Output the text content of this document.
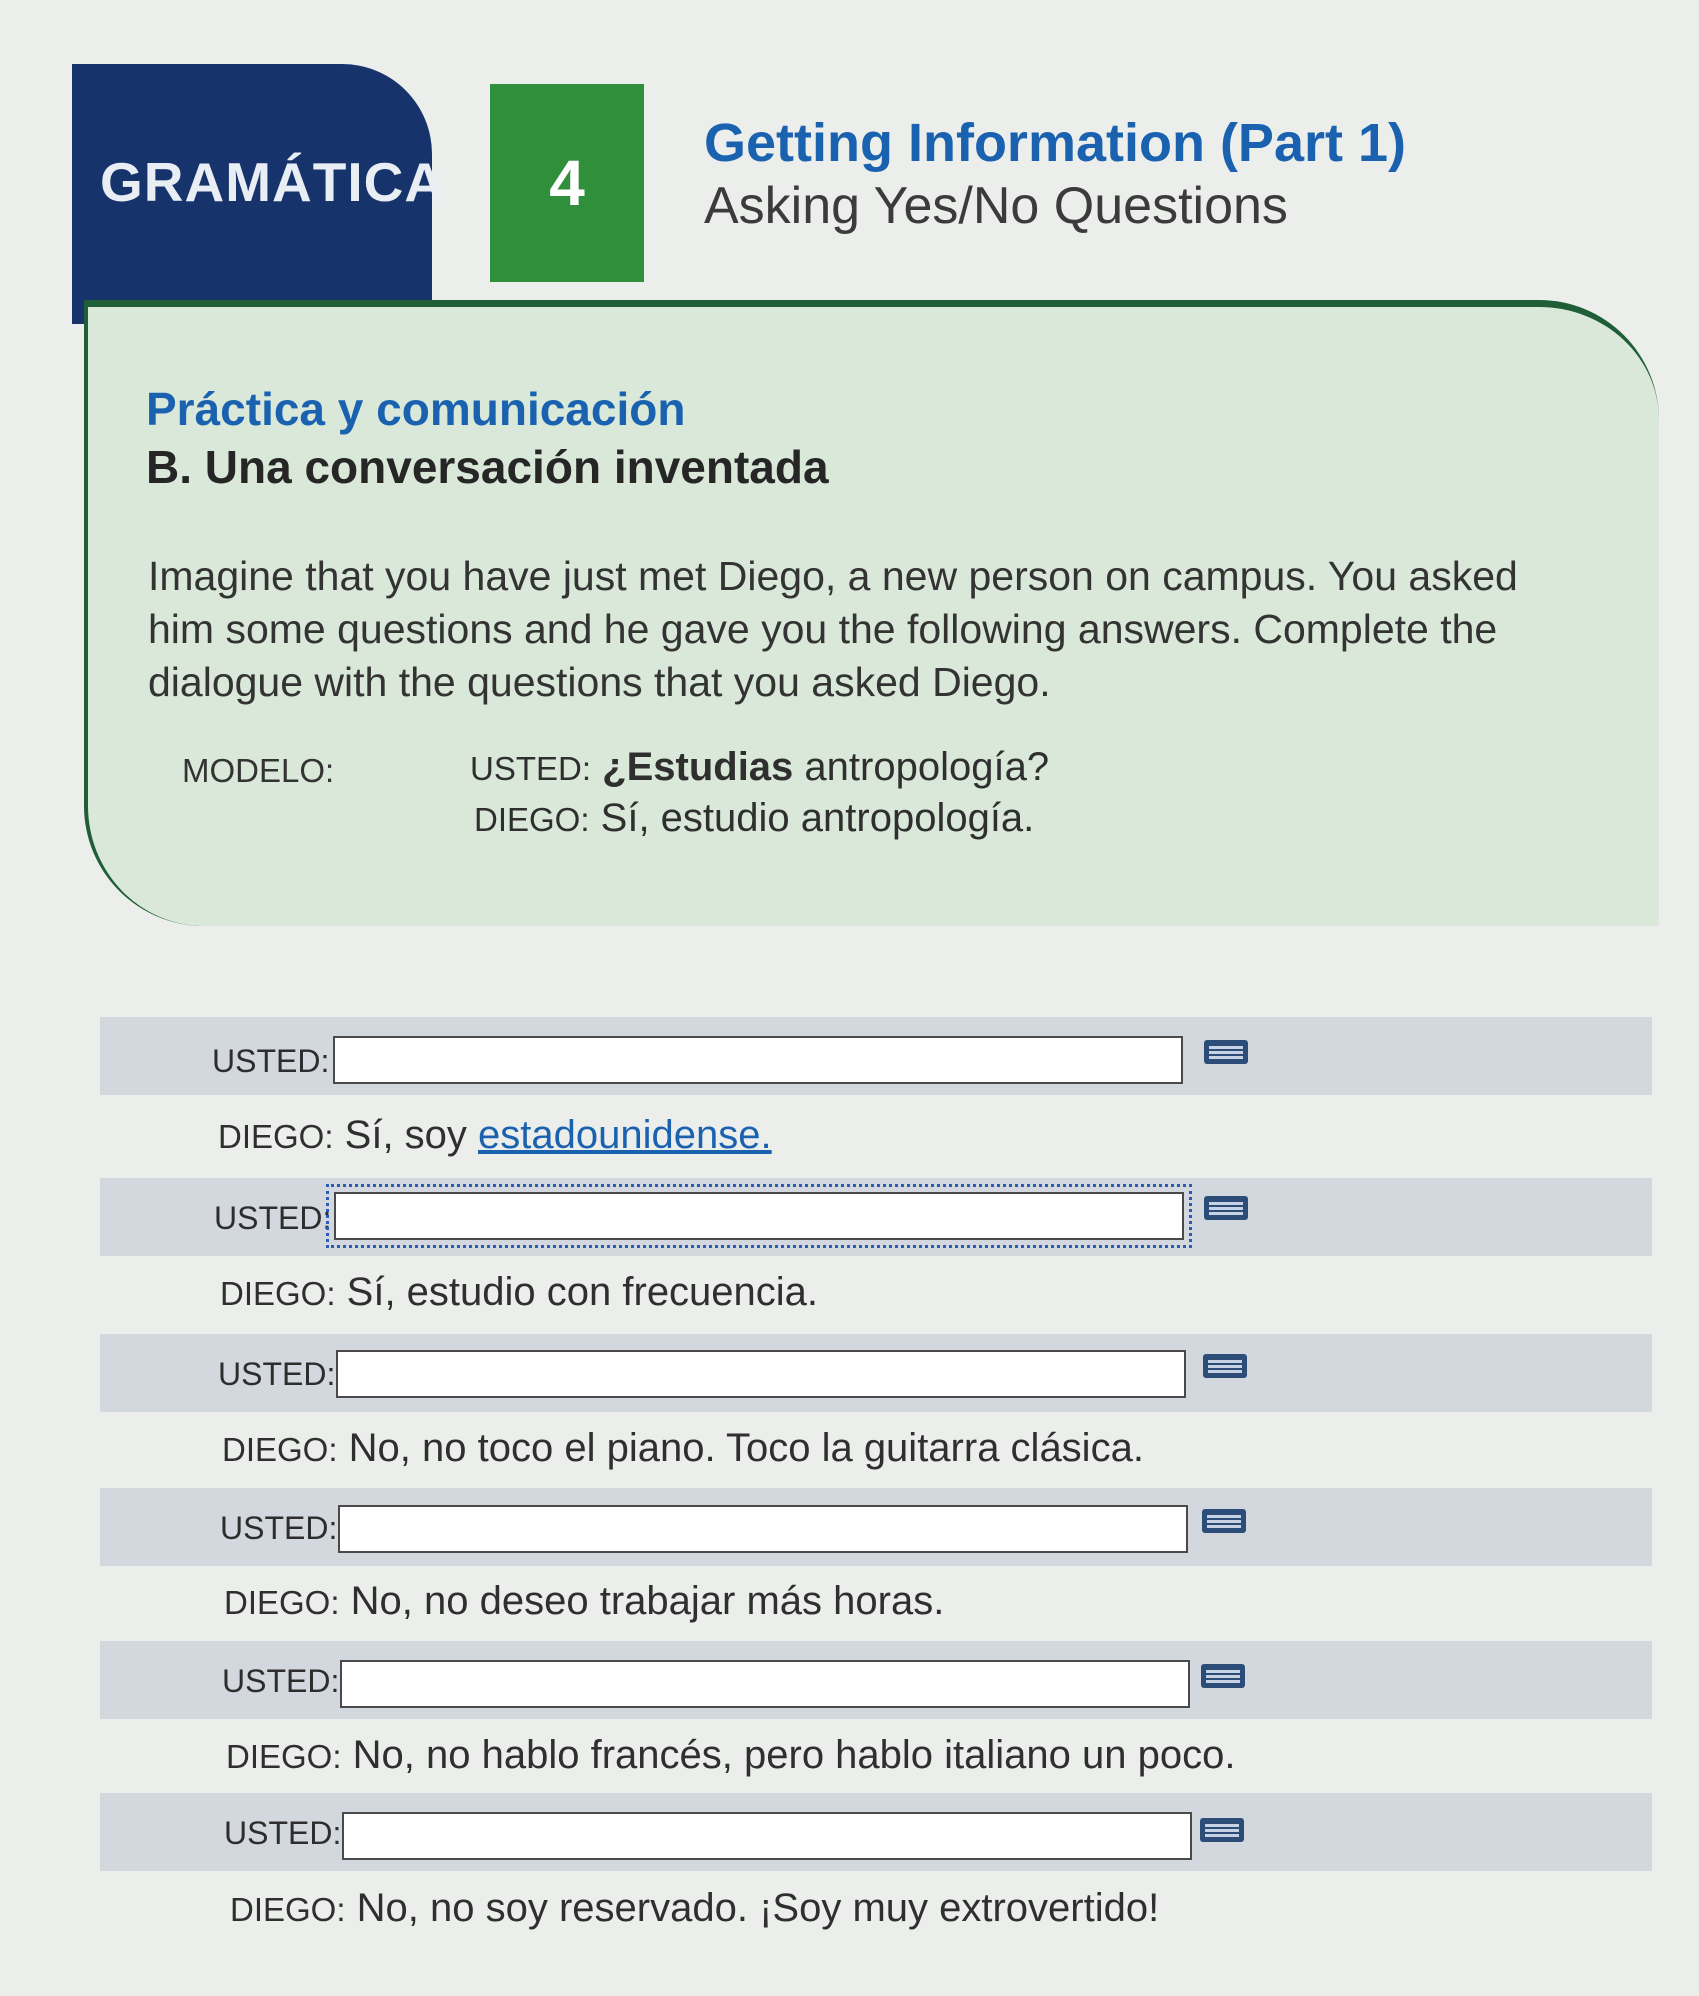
GRAMÁTICA	4
Getting Information (Part 1)
Asking Yes/No Questions
Práctica y comunicación
B. Una conversación inventada
Imagine that you have just met Diego, a new person on campus. You asked him some questions and he gave you the following answers. Complete the dialogue with the questions that you asked Diego.
MODELO:	USTED: ¿Estudias antropología?
DIEGO: Sí, estudio antropología.
USTED:
DIEGO: Sí, soy estadounidense.
USTED:
DIEGO: Sí, estudio con frecuencia.
USTED:
DIEGO: No, no toco el piano. Toco la guitarra clásica.
USTED:
DIEGO: No, no deseo trabajar más horas.
USTED:
DIEGO: No, no hablo francés, pero hablo italiano un poco.
USTED:
DIEGO: No, no soy reservado. ¡Soy muy extrovertido!
